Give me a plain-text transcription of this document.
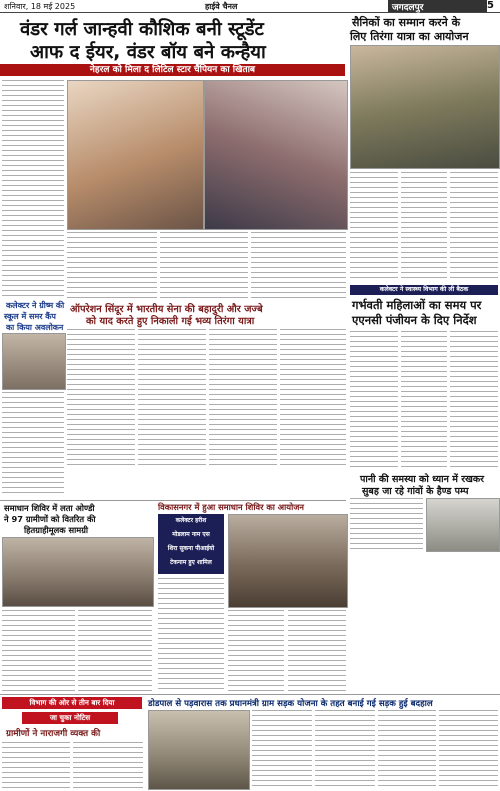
शनिवार, 18 मई 2025	हाईवे चैनल	जगदलपुर	5
वंडर गर्ल जान्हवी कौशिक बनी स्टूडेंट
आफ द ईयर, वंडर बॉय बने कन्हैया
नेहरल को मिला द लिटिल स्टार चैंपियन का खिताब
सैनिकों का सम्मान करने के
लिए तिरंगा यात्रा का आयोजन
कलेक्टर ने स्वास्थ्य विभाग की ली बैठक
गर्भवती महिलाओं का समय पर
एएनसी पंजीयन के दिए निर्देश
पानी की समस्या को ध्यान में रखकर
सुबह जा रहे गांवों के हैण्ड पम्प
ऑपरेशन सिंदूर में भारतीय सेना की बहादुरी और जज्बे
को याद करते हुए निकाली गई भव्य तिरंगा यात्रा
कलेक्टर ने ग्रीष्म की
स्कूल में समर कैंप
का किया अवलोकन
समाधान शिविर में लता ओण्डी
ने 97 ग्रामीणों को वितरित की
हितग्राहीमूलक सामग्री
विकासनगर में हुआ समाधान शिविर का आयोजन
कलेक्टर हरीश
मोडलाम नाम एस
शिरा सुकना पीआईयो
टेकनाम हुए शामिल
डोडपाल से पड़वारास तक प्रधानमंत्री ग्राम सड़क योजना के तहत बनाई गई सड़क हुई बदहाल
विभाग की ओर से तीन बार दिया
जा चुका नोटिस
ग्रामीणों ने नाराजगी व्यक्त की
